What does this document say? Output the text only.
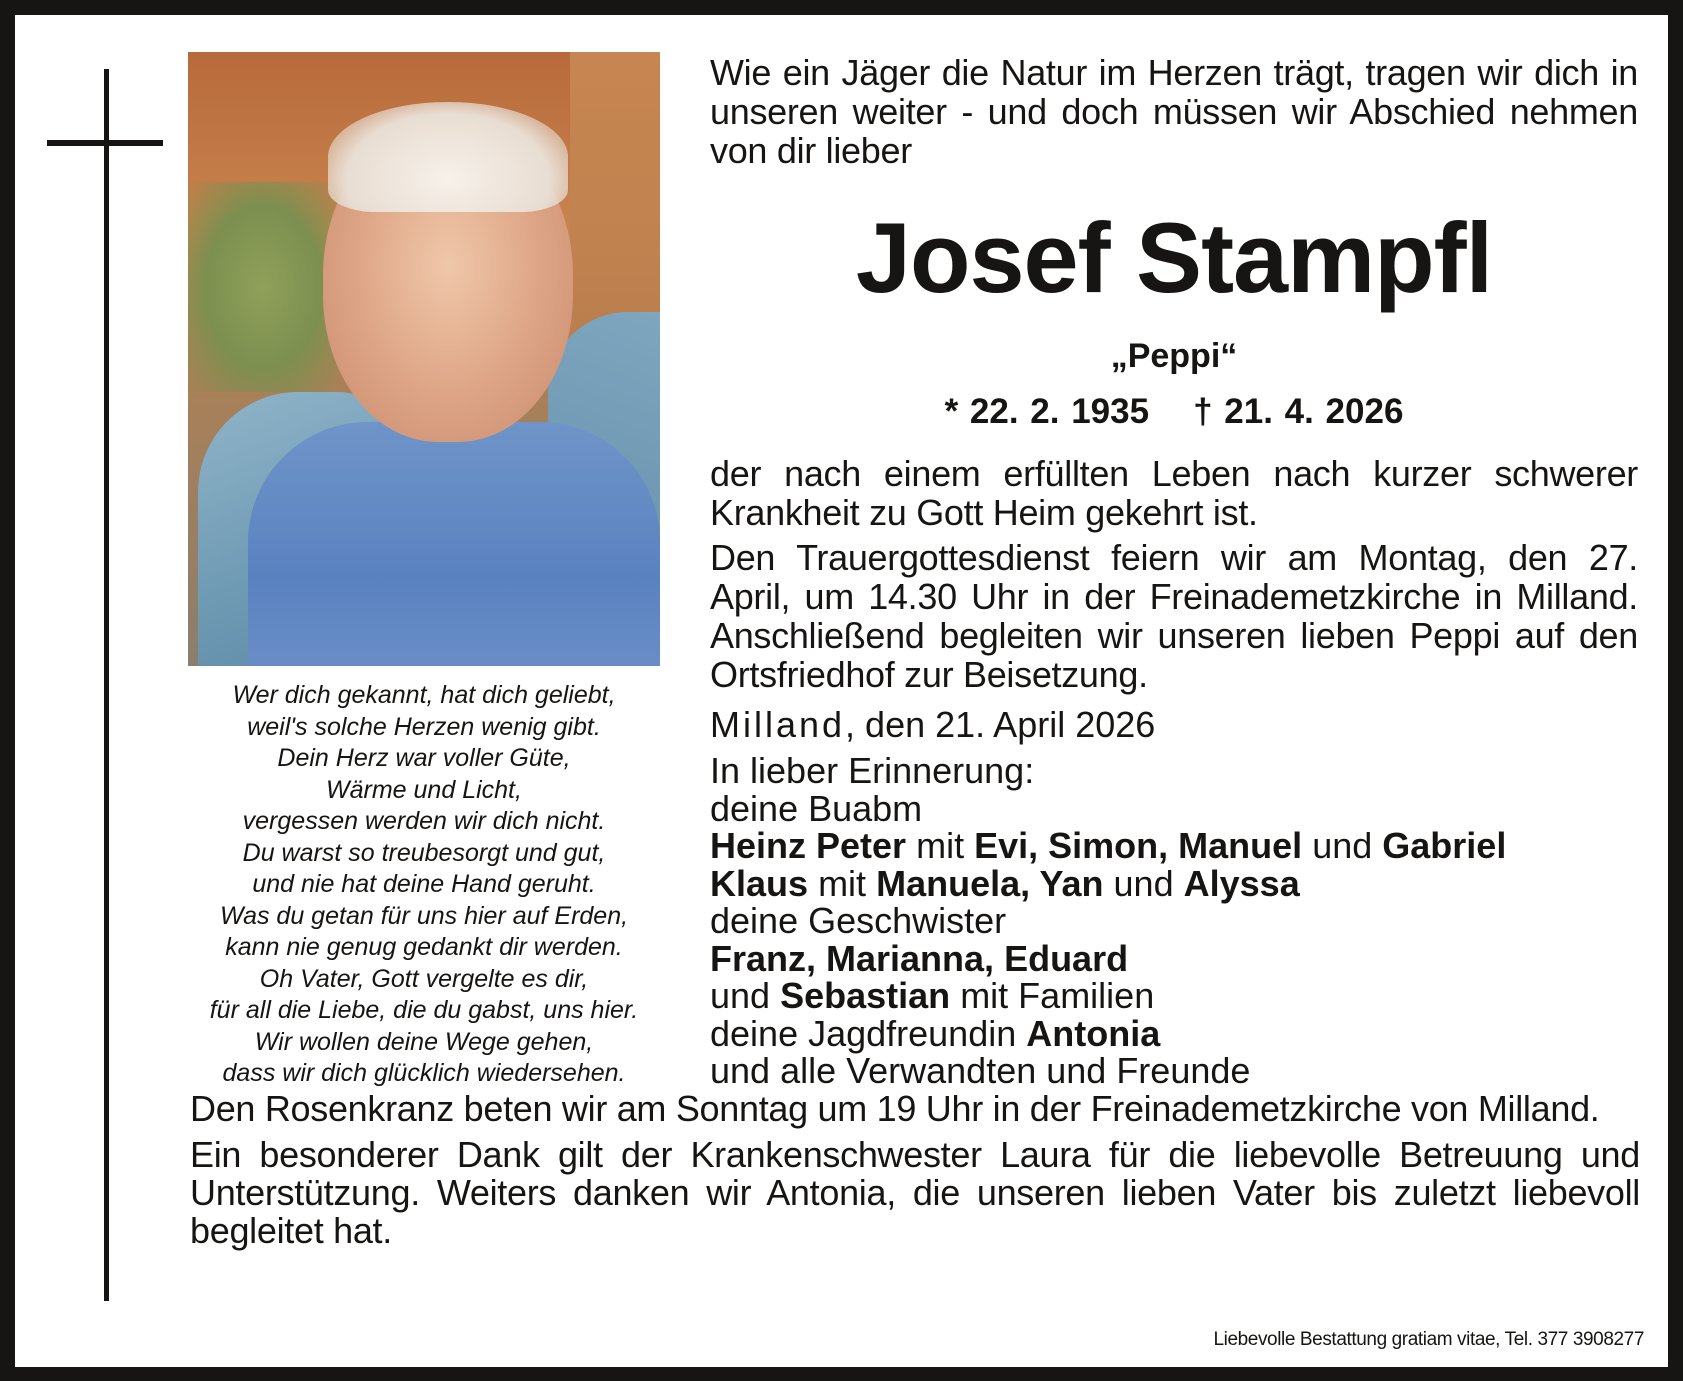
Wer dich gekannt, hat dich geliebt,
weil's solche Herzen wenig gibt.
Dein Herz war voller Güte,
Wärme und Licht,
vergessen werden wir dich nicht.
Du warst so treubesorgt und gut,
und nie hat deine Hand geruht.
Was du getan für uns hier auf Erden,
kann nie genug gedankt dir werden.
Oh Vater, Gott vergelte es dir,
für all die Liebe, die du gabst, uns hier.
Wir wollen deine Wege gehen,
dass wir dich glücklich wiedersehen.

Wie ein Jäger die Natur im Herzen trägt, tragen wir dich in unseren weiter - und doch müssen wir Abschied nehmen von dir lieber

Josef Stampfl
„Peppi“
* 22. 2. 1935 † 21. 4. 2026

der nach einem erfüllten Leben nach kurzer schwerer Krankheit zu Gott Heim gekehrt ist.

Den Trauergottesdienst feiern wir am Montag, den 27. April, um 14.30 Uhr in der Freinademetzkirche in Milland. Anschließend begleiten wir unseren lieben Peppi auf den Ortsfriedhof zur Beisetzung.

Milland, den 21. April 2026
In lieber Erinnerung:
deine Buabm
Heinz Peter mit Evi, Simon, Manuel und Gabriel
Klaus mit Manuela, Yan und Alyssa
deine Geschwister
Franz, Marianna, Eduard
und Sebastian mit Familien
deine Jagdfreundin Antonia
und alle Verwandten und Freunde

Den Rosenkranz beten wir am Sonntag um 19 Uhr in der Freinademetzkirche von Milland.

Ein besonderer Dank gilt der Krankenschwester Laura für die liebevolle Betreuung und Unterstützung. Weiters danken wir Antonia, die unseren lieben Vater bis zuletzt liebevoll begleitet hat.

Liebevolle Bestattung gratiam vitae, Tel. 377 3908277
